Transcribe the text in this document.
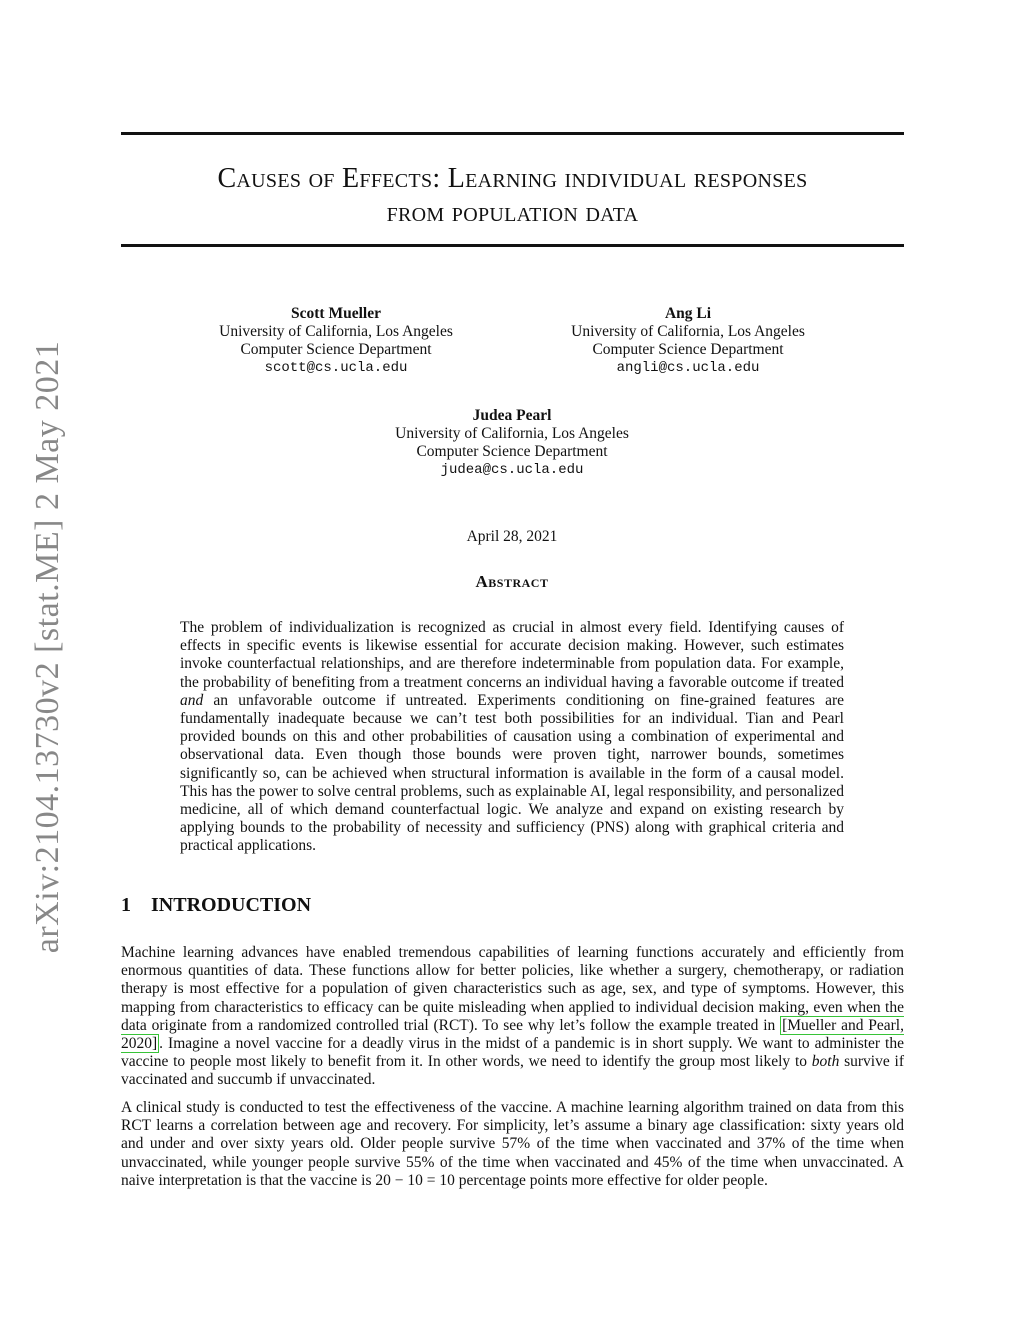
arXiv:2104.13730v2 [stat.ME] 2 May 2021
Causes of Effects: Learning individual responses
from population data
Scott Mueller
University of California, Los Angeles
Computer Science Department
scott@cs.ucla.edu
Ang Li
University of California, Los Angeles
Computer Science Department
angli@cs.ucla.edu
Judea Pearl
University of California, Los Angeles
Computer Science Department
judea@cs.ucla.edu
April 28, 2021
Abstract

The problem of individualization is recognized as crucial in almost every field. Identifying causes of effects in specific events is likewise essential for accurate decision making. However, such estimates invoke counterfactual relationships, and are therefore indeterminable from population data. For example, the probability of benefiting from a treatment concerns an individual having a favorable outcome if treated and an unfavorable outcome if untreated. Experiments conditioning on fine-grained features are fundamentally inadequate because we can’t test both possibilities for an individual. Tian and Pearl provided bounds on this and other probabilities of causation using a combination of experimental and observational data. Even though those bounds were proven tight, narrower bounds, sometimes significantly so, can be achieved when structural information is available in the form of a causal model. This has the power to solve central problems, such as explainable AI, legal responsibility, and personalized medicine, all of which demand counterfactual logic. We analyze and expand on existing research by applying bounds to the probability of necessity and sufficiency (PNS) along with graphical criteria and practical applications.

1 INTRODUCTION

Machine learning advances have enabled tremendous capabilities of learning functions accurately and efficiently from enormous quantities of data. These functions allow for better policies, like whether a surgery, chemotherapy, or radiation therapy is most effective for a population of given characteristics such as age, sex, and type of symptoms. However, this mapping from characteristics to efficacy can be quite misleading when applied to individual decision making, even when the data originate from a randomized controlled trial (RCT). To see why let’s follow the example treated in [Mueller and Pearl, 2020] . Imagine a novel vaccine for a deadly virus in the midst of a pandemic is in short supply. We want to administer the vaccine to people most likely to benefit from it. In other words, we need to identify the group most likely to both survive if vaccinated and succumb if unvaccinated.

A clinical study is conducted to test the effectiveness of the vaccine. A machine learning algorithm trained on data from this RCT learns a correlation between age and recovery. For simplicity, let’s assume a binary age classification: sixty years old and under and over sixty years old. Older people survive 57% of the time when vaccinated and 37% of the time when unvaccinated, while younger people survive 55% of the time when vaccinated and 45% of the time when unvaccinated. A naive interpretation is that the vaccine is 20 − 10 = 10 percentage points more effective for older people.
